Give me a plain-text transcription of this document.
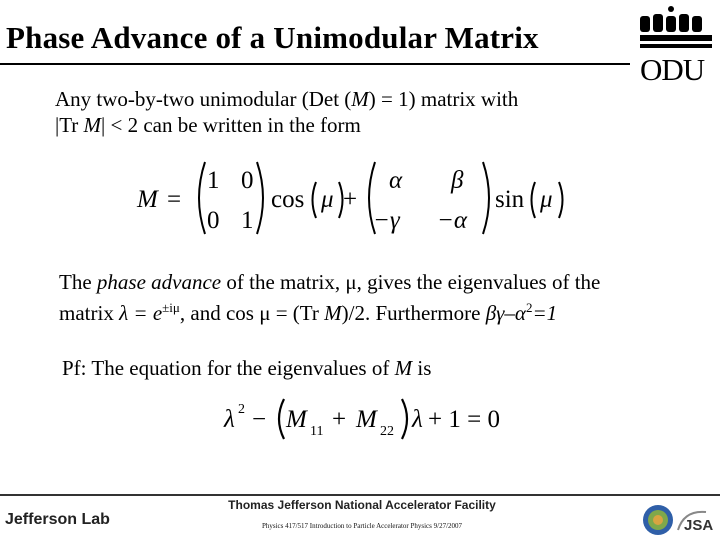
Phase Advance of a Unimodular Matrix
ODU
Any two-by-two unimodular (Det (M) = 1) matrix with
|Tr M| < 2 can be written in the form
M =
1 0
0 1
cos μ +
α β
−γ −α
sin μ
The phase advance of the matrix, μ, gives the eigenvalues of the
matrix $\lambda = e^{\pm i\mu}$, and cos μ = (Tr M)/2. Furthermore $\beta\gamma-\alpha^2=1$
Pf: The equation for the eigenvalues of M is
λ 2 − M 11 + M 22 λ + 1 = 0
Jefferson Lab
Thomas Jefferson National Accelerator Facility
Physics 417/517 Introduction to Particle Accelerator Physics 9/27/2007	JSA
